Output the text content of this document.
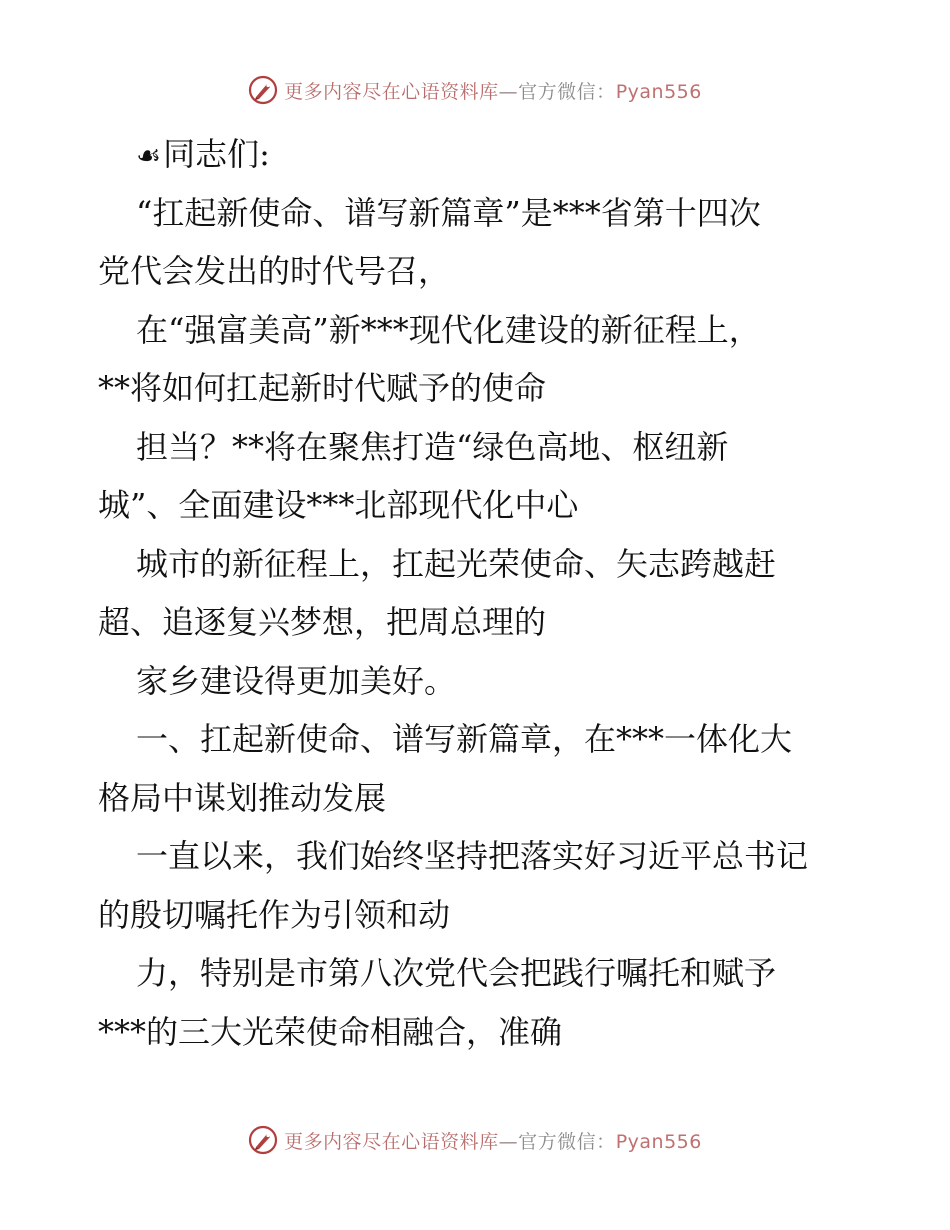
更多内容尽在心语资料库—官方微信：Pyan556
☙同志们:
“扛起新使命、谱写新篇章”是***省第十四次
党代会发出的时代号召，
在“强富美高”新***现代化建设的新征程上，
**将如何扛起新时代赋予的使命
担当？**将在聚焦打造“绿色高地、枢纽新
城”、全面建设***北部现代化中心
城市的新征程上，扛起光荣使命、矢志跨越赶
超、追逐复兴梦想，把周总理的
家乡建设得更加美好。
一、扛起新使命、谱写新篇章，在***一体化大
格局中谋划推动发展
一直以来，我们始终坚持把落实好习近平总书记
的殷切嘱托作为引领和动
力，特别是市第八次党代会把践行嘱托和赋予
***的三大光荣使命相融合，准确
更多内容尽在心语资料库—官方微信：Pyan556
